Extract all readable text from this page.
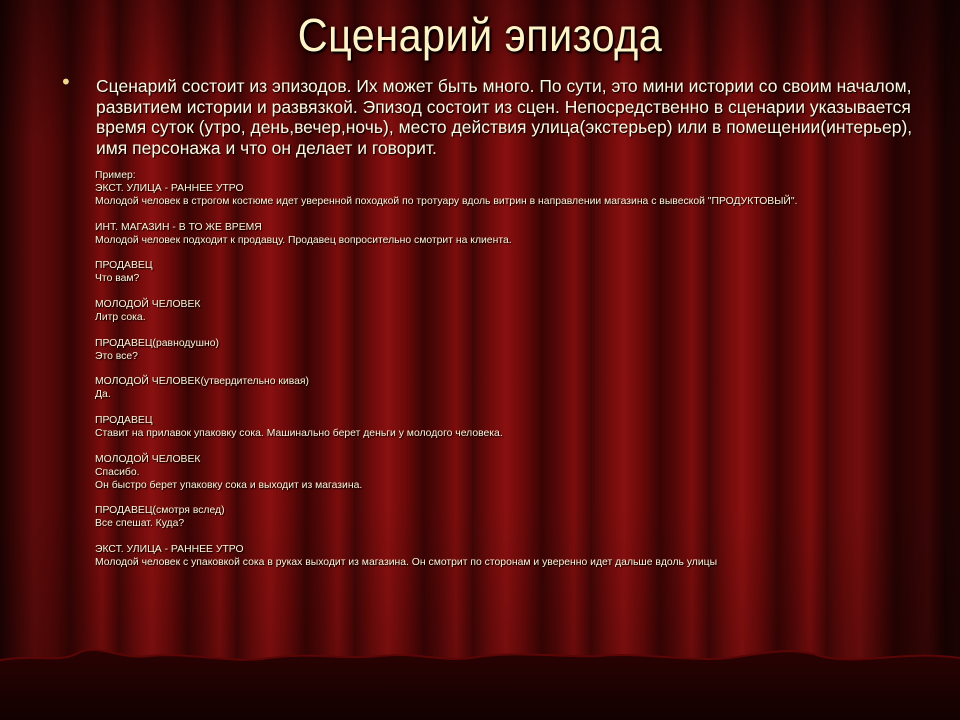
Сценарий эпизода
• Сценарий состоит из эпизодов. Их может быть много. По сути, это мини истории со своим началом, развитием истории и развязкой. Эпизод состоит из сцен. Непосредственно в сценарии указывается время суток (утро, день,вечер,ночь), место действия улица(экстерьер) или в помещении(интерьер), имя персонажа и что он делает и говорит.
Пример:
ЭКСТ. УЛИЦА - РАННЕЕ УТРО
Молодой человек в строгом костюме идет уверенной походкой по тротуару вдоль витрин в направлении магазина с вывеской "ПРОДУКТОВЫЙ".
ИНТ. МАГАЗИН - В ТО ЖЕ ВРЕМЯ
Молодой человек подходит к продавцу. Продавец вопросительно смотрит на клиента.
ПРОДАВЕЦ
Что вам?
МОЛОДОЙ ЧЕЛОВЕК
Литр сока.
ПРОДАВЕЦ(равнодушно)
Это все?
МОЛОДОЙ ЧЕЛОВЕК(утвердительно кивая)
Да.
ПРОДАВЕЦ
Ставит на прилавок упаковку сока. Машинально берет деньги у молодого человека.
МОЛОДОЙ ЧЕЛОВЕК
Спасибо.
Он быстро берет упаковку сока и выходит из магазина.
ПРОДАВЕЦ(смотря вслед)
Все спешат. Куда?
ЭКСТ. УЛИЦА - РАННЕЕ УТРО
Молодой человек с упаковкой сока в руках выходит из магазина. Он смотрит по сторонам и уверенно идет дальше вдоль улицы
